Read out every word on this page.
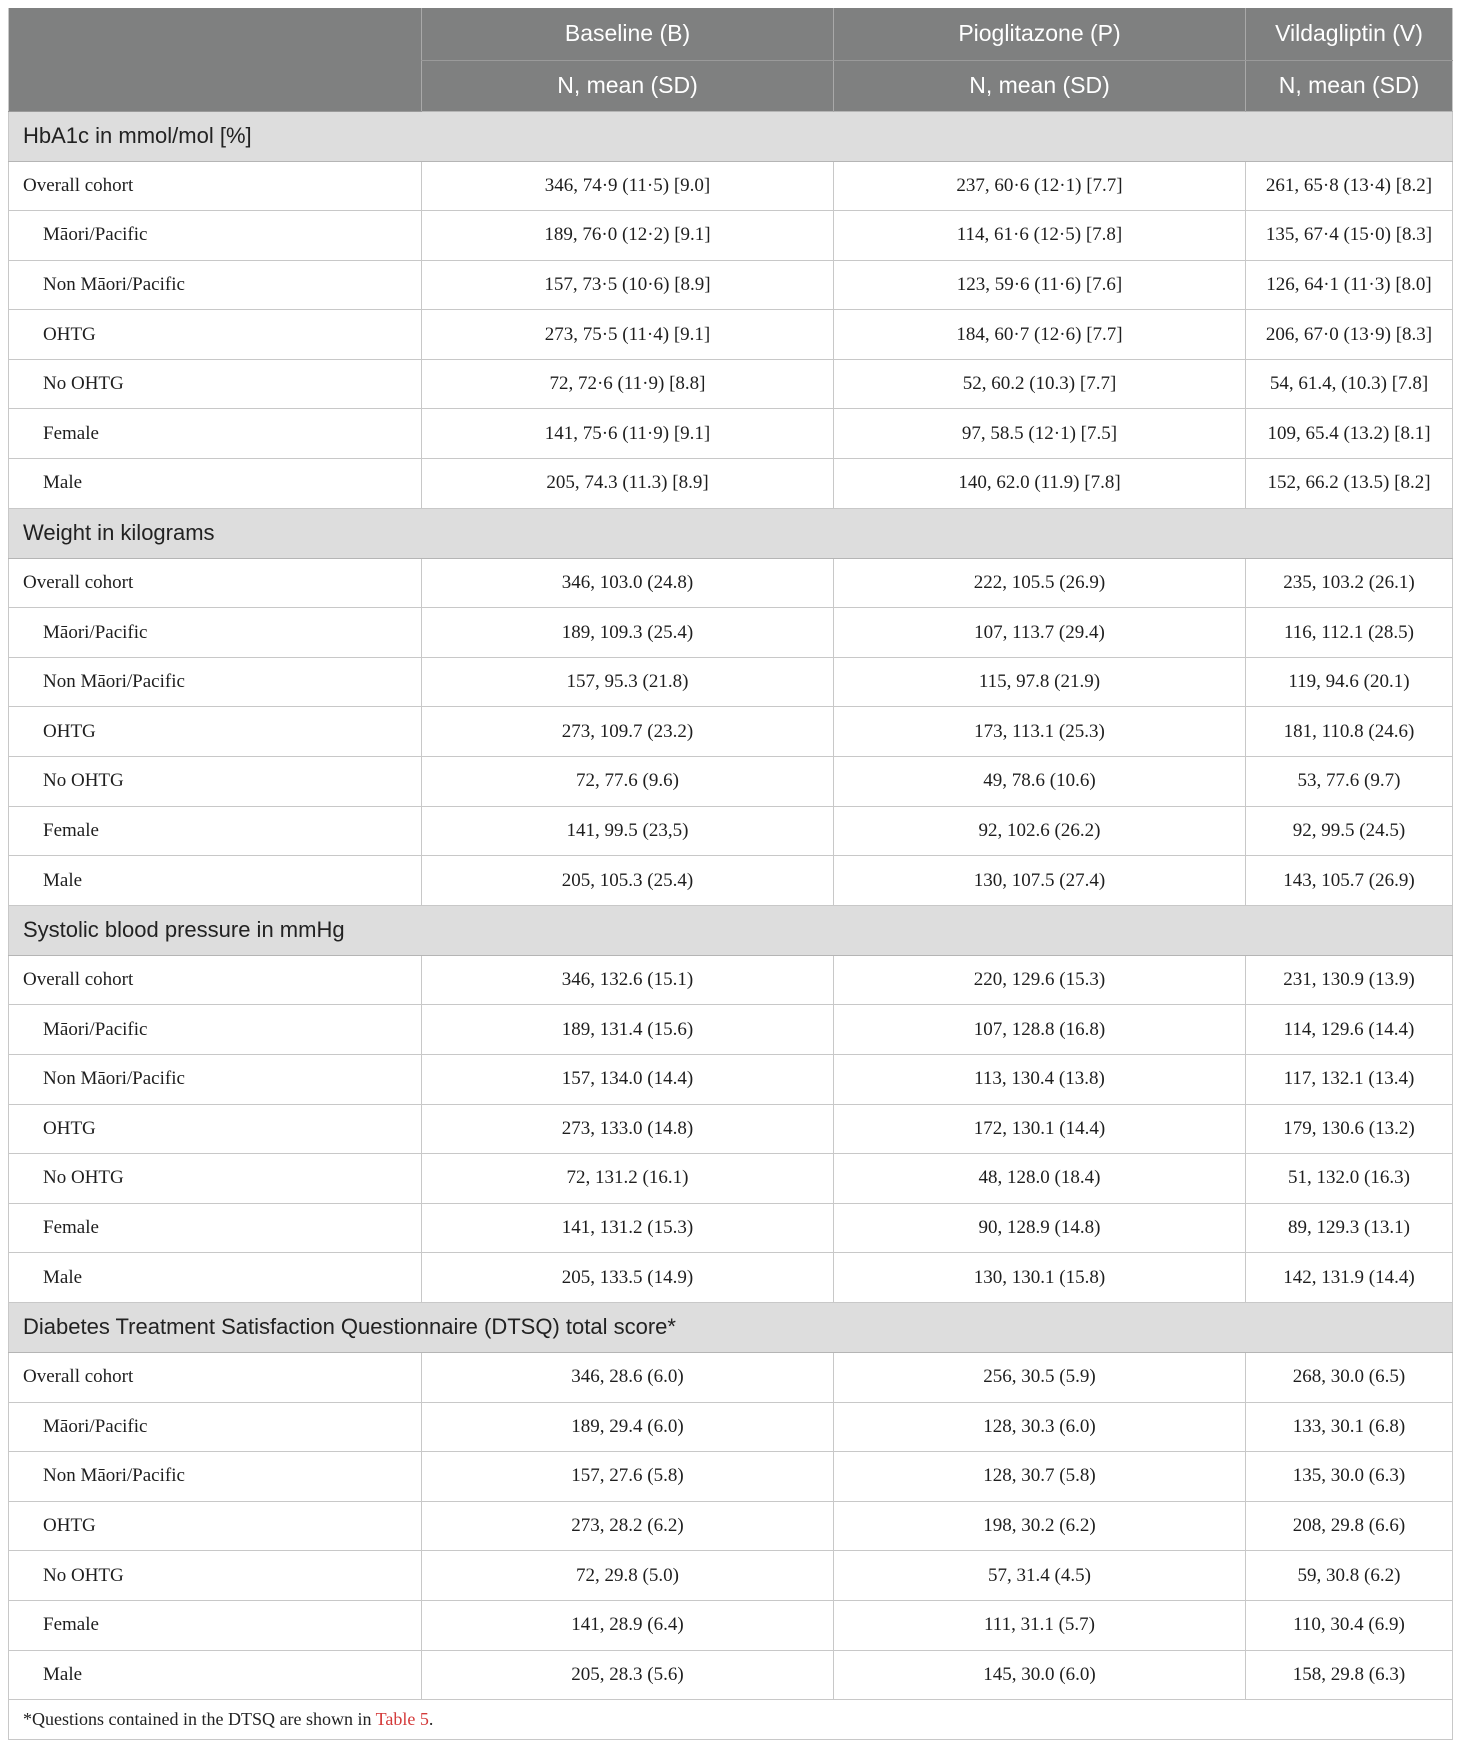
	Baseline (B)	Pioglitazone (P)	Vildagliptin (V)
	N, mean (SD)	N, mean (SD)	N, mean (SD)
HbA1c in mmol/mol [%]			
Overall cohort	346, 74·9 (11·5) [9.0]	237, 60·6 (12·1) [7.7]	261, 65·8 (13·4) [8.2]
Māori/Pacific	189, 76·0 (12·2) [9.1]	114, 61·6 (12·5) [7.8]	135, 67·4 (15·0) [8.3]
Non Māori/Pacific	157, 73·5 (10·6) [8.9]	123, 59·6 (11·6) [7.6]	126, 64·1 (11·3) [8.0]
OHTG	273, 75·5 (11·4) [9.1]	184, 60·7 (12·6) [7.7]	206, 67·0 (13·9) [8.3]
No OHTG	72, 72·6 (11·9) [8.8]	52, 60.2 (10.3) [7.7]	54, 61.4, (10.3) [7.8]
Female	141, 75·6 (11·9) [9.1]	97, 58.5 (12·1) [7.5]	109, 65.4 (13.2) [8.1]
Male	205, 74.3 (11.3) [8.9]	140, 62.0 (11.9) [7.8]	152, 66.2 (13.5) [8.2]
Weight in kilograms			
Overall cohort	346, 103.0 (24.8)	222, 105.5 (26.9)	235, 103.2 (26.1)
Māori/Pacific	189, 109.3 (25.4)	107, 113.7 (29.4)	116, 112.1 (28.5)
Non Māori/Pacific	157, 95.3 (21.8)	115, 97.8 (21.9)	119, 94.6 (20.1)
OHTG	273, 109.7 (23.2)	173, 113.1 (25.3)	181, 110.8 (24.6)
No OHTG	72, 77.6 (9.6)	49, 78.6 (10.6)	53, 77.6 (9.7)
Female	141, 99.5 (23,5)	92, 102.6 (26.2)	92, 99.5 (24.5)
Male	205, 105.3 (25.4)	130, 107.5 (27.4)	143, 105.7 (26.9)
Systolic blood pressure in mmHg			
Overall cohort	346, 132.6 (15.1)	220, 129.6 (15.3)	231, 130.9 (13.9)
Māori/Pacific	189, 131.4 (15.6)	107, 128.8 (16.8)	114, 129.6 (14.4)
Non Māori/Pacific	157, 134.0 (14.4)	113, 130.4 (13.8)	117, 132.1 (13.4)
OHTG	273, 133.0 (14.8)	172, 130.1 (14.4)	179, 130.6 (13.2)
No OHTG	72, 131.2 (16.1)	48, 128.0 (18.4)	51, 132.0 (16.3)
Female	141, 131.2 (15.3)	90, 128.9 (14.8)	89, 129.3 (13.1)
Male	205, 133.5 (14.9)	130, 130.1 (15.8)	142, 131.9 (14.4)
Diabetes Treatment Satisfaction Questionnaire (DTSQ) total score*			
Overall cohort	346, 28.6 (6.0)	256, 30.5 (5.9)	268, 30.0 (6.5)
Māori/Pacific	189, 29.4 (6.0)	128, 30.3 (6.0)	133, 30.1 (6.8)
Non Māori/Pacific	157, 27.6 (5.8)	128, 30.7 (5.8)	135, 30.0 (6.3)
OHTG	273, 28.2 (6.2)	198, 30.2 (6.2)	208, 29.8 (6.6)
No OHTG	72, 29.8 (5.0)	57, 31.4 (4.5)	59, 30.8 (6.2)
Female	141, 28.9 (6.4)	111, 31.1 (5.7)	110, 30.4 (6.9)
Male	205, 28.3 (5.6)	145, 30.0 (6.0)	158, 29.8 (6.3)
*Questions contained in the DTSQ are shown in Table 5.			
